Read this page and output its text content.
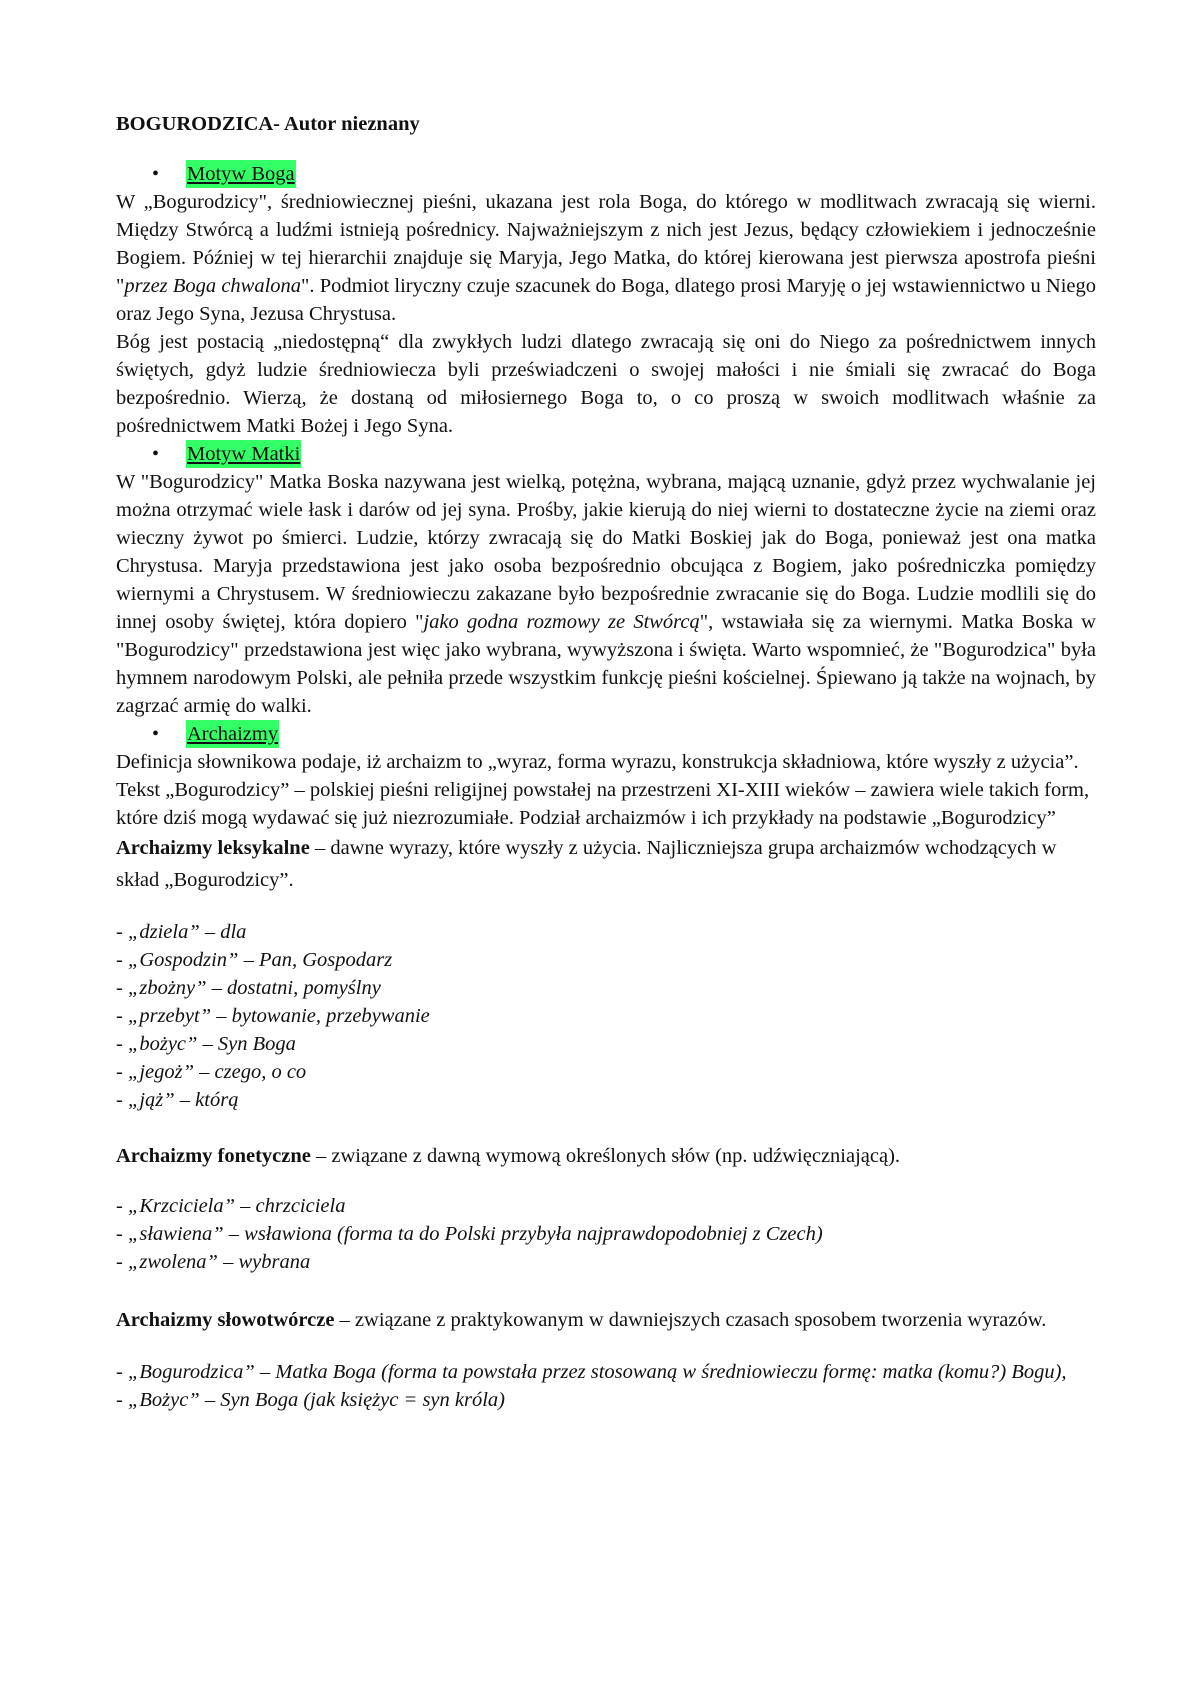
BOGURODZICA- Autor nieznany

•	Motyw Boga

W „Bogurodzicy", średniowiecznej pieśni, ukazana jest rola Boga, do którego w modlitwach zwracają się wierni. Między Stwórcą a ludźmi istnieją pośrednicy. Najważniejszym z nich jest Jezus, będący człowiekiem i jednocześnie Bogiem. Później w tej hierarchii znajduje się Maryja, Jego Matka, do której kierowana jest pierwsza apostrofa pieśni "przez Boga chwalona". Podmiot liryczny czuje szacunek do Boga, dlatego prosi Maryję o jej wstawiennictwo u Niego oraz Jego Syna, Jezusa Chrystusa.

Bóg jest postacią „niedostępną“ dla zwykłych ludzi dlatego zwracają się oni do Niego za pośrednictwem innych świętych, gdyż ludzie średniowiecza byli przeświadczeni o swojej małości i nie śmiali się zwracać do Boga bezpośrednio. Wierzą, że dostaną od miłosiernego Boga to, o co proszą w swoich modlitwach właśnie za pośrednictwem Matki Bożej i Jego Syna.

•	Motyw Matki

W "Bogurodzicy" Matka Boska nazywana jest wielką, potężna, wybrana, mającą uznanie, gdyż przez wychwalanie jej można otrzymać wiele łask i darów od jej syna. Prośby, jakie kierują do niej wierni to dostateczne życie na ziemi oraz wieczny żywot po śmierci. Ludzie, którzy zwracają się do Matki Boskiej jak do Boga, ponieważ jest ona matka Chrystusa. Maryja przedstawiona jest jako osoba bezpośrednio obcująca z Bogiem, jako pośredniczka pomiędzy wiernymi a Chrystusem. W średniowieczu zakazane było bezpośrednie zwracanie się do Boga. Ludzie modlili się do innej osoby świętej, która dopiero "jako godna rozmowy ze Stwórcą", wstawiała się za wiernymi. Matka Boska w "Bogurodzicy" przedstawiona jest więc jako wybrana, wywyższona i święta. Warto wspomnieć, że "Bogurodzica" była hymnem narodowym Polski, ale pełniła przede wszystkim funkcję pieśni kościelnej. Śpiewano ją także na wojnach, by zagrzać armię do walki.

•	Archaizmy

Definicja słownikowa podaje, iż archaizm to „wyraz, forma wyrazu, konstrukcja składniowa, które wyszły z użycia”. Tekst „Bogurodzicy” – polskiej pieśni religijnej powstałej na przestrzeni XI-XIII wieków – zawiera wiele takich form, które dziś mogą wydawać się już niezrozumiałe. Podział archaizmów i ich przykłady na podstawie „Bogurodzicy”

Archaizmy leksykalne – dawne wyrazy, które wyszły z użycia. Najliczniejsza grupa archaizmów wchodzących w skład „Bogurodzicy”.

- „dziela” – dla

- „Gospodzin” – Pan, Gospodarz

- „zbożny” – dostatni, pomyślny

- „przebyt” – bytowanie, przebywanie

- „bożyc” – Syn Boga

- „jegoż” – czego, o co

- „jąż” – którą

Archaizmy fonetyczne – związane z dawną wymową określonych słów (np. udźwięczniającą).

- „Krzciciela” – chrzciciela

- „sławiena” – wsławiona (forma ta do Polski przybyła najprawdopodobniej z Czech)

- „zwolena” – wybrana

Archaizmy słowotwórcze – związane z praktykowanym w dawniejszych czasach sposobem tworzenia wyrazów.

- „Bogurodzica” – Matka Boga (forma ta powstała przez stosowaną w średniowieczu formę: matka (komu?) Bogu),

- „Bożyc” – Syn Boga (jak księżyc = syn króla)
